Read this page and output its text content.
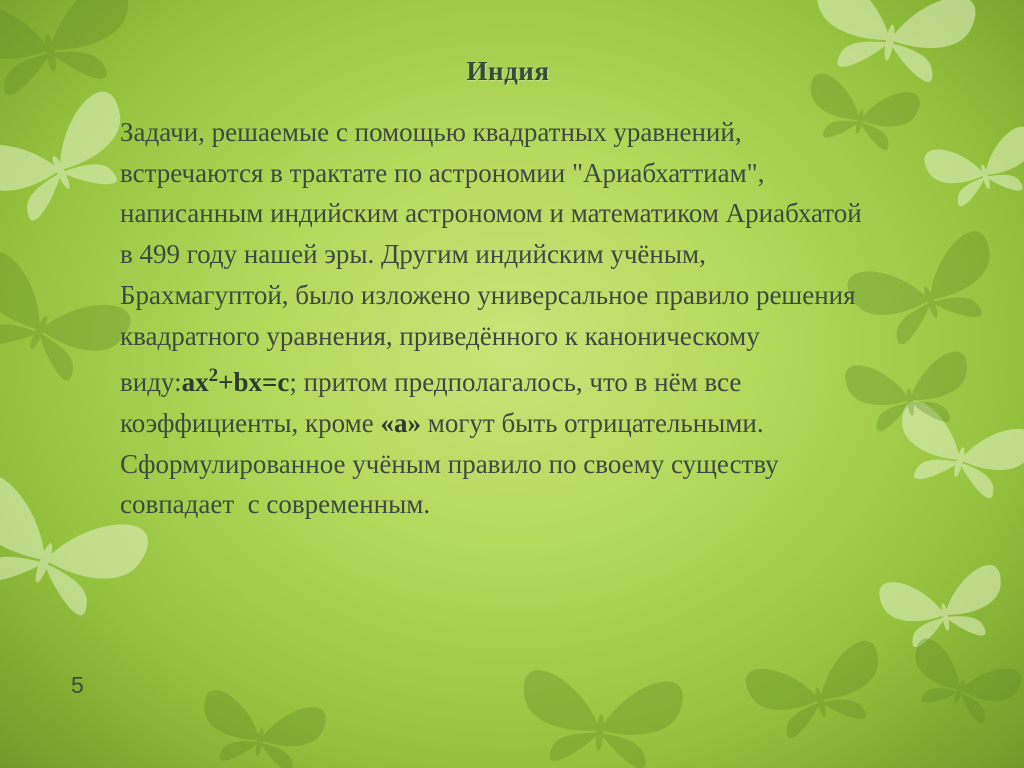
Индия
Задачи, решаемые с помощью квадратных уравнений, встречаются в трактате по астрономии "Ариабхаттиам", написанным индийским астрономом и математиком Ариабхатой в 499 году нашей эры. Другим индийским учёным, Брахмагуптой, было изложено универсальное правило решения квадратного уравнения, приведённого к каноническому $виду:ах^2+bх=с$; притом предполагалось, что в нём все коэффициенты, кроме «а» могут быть отрицательными. Сформулированное учёным правило по своему существу совпадает  с современным.
5
